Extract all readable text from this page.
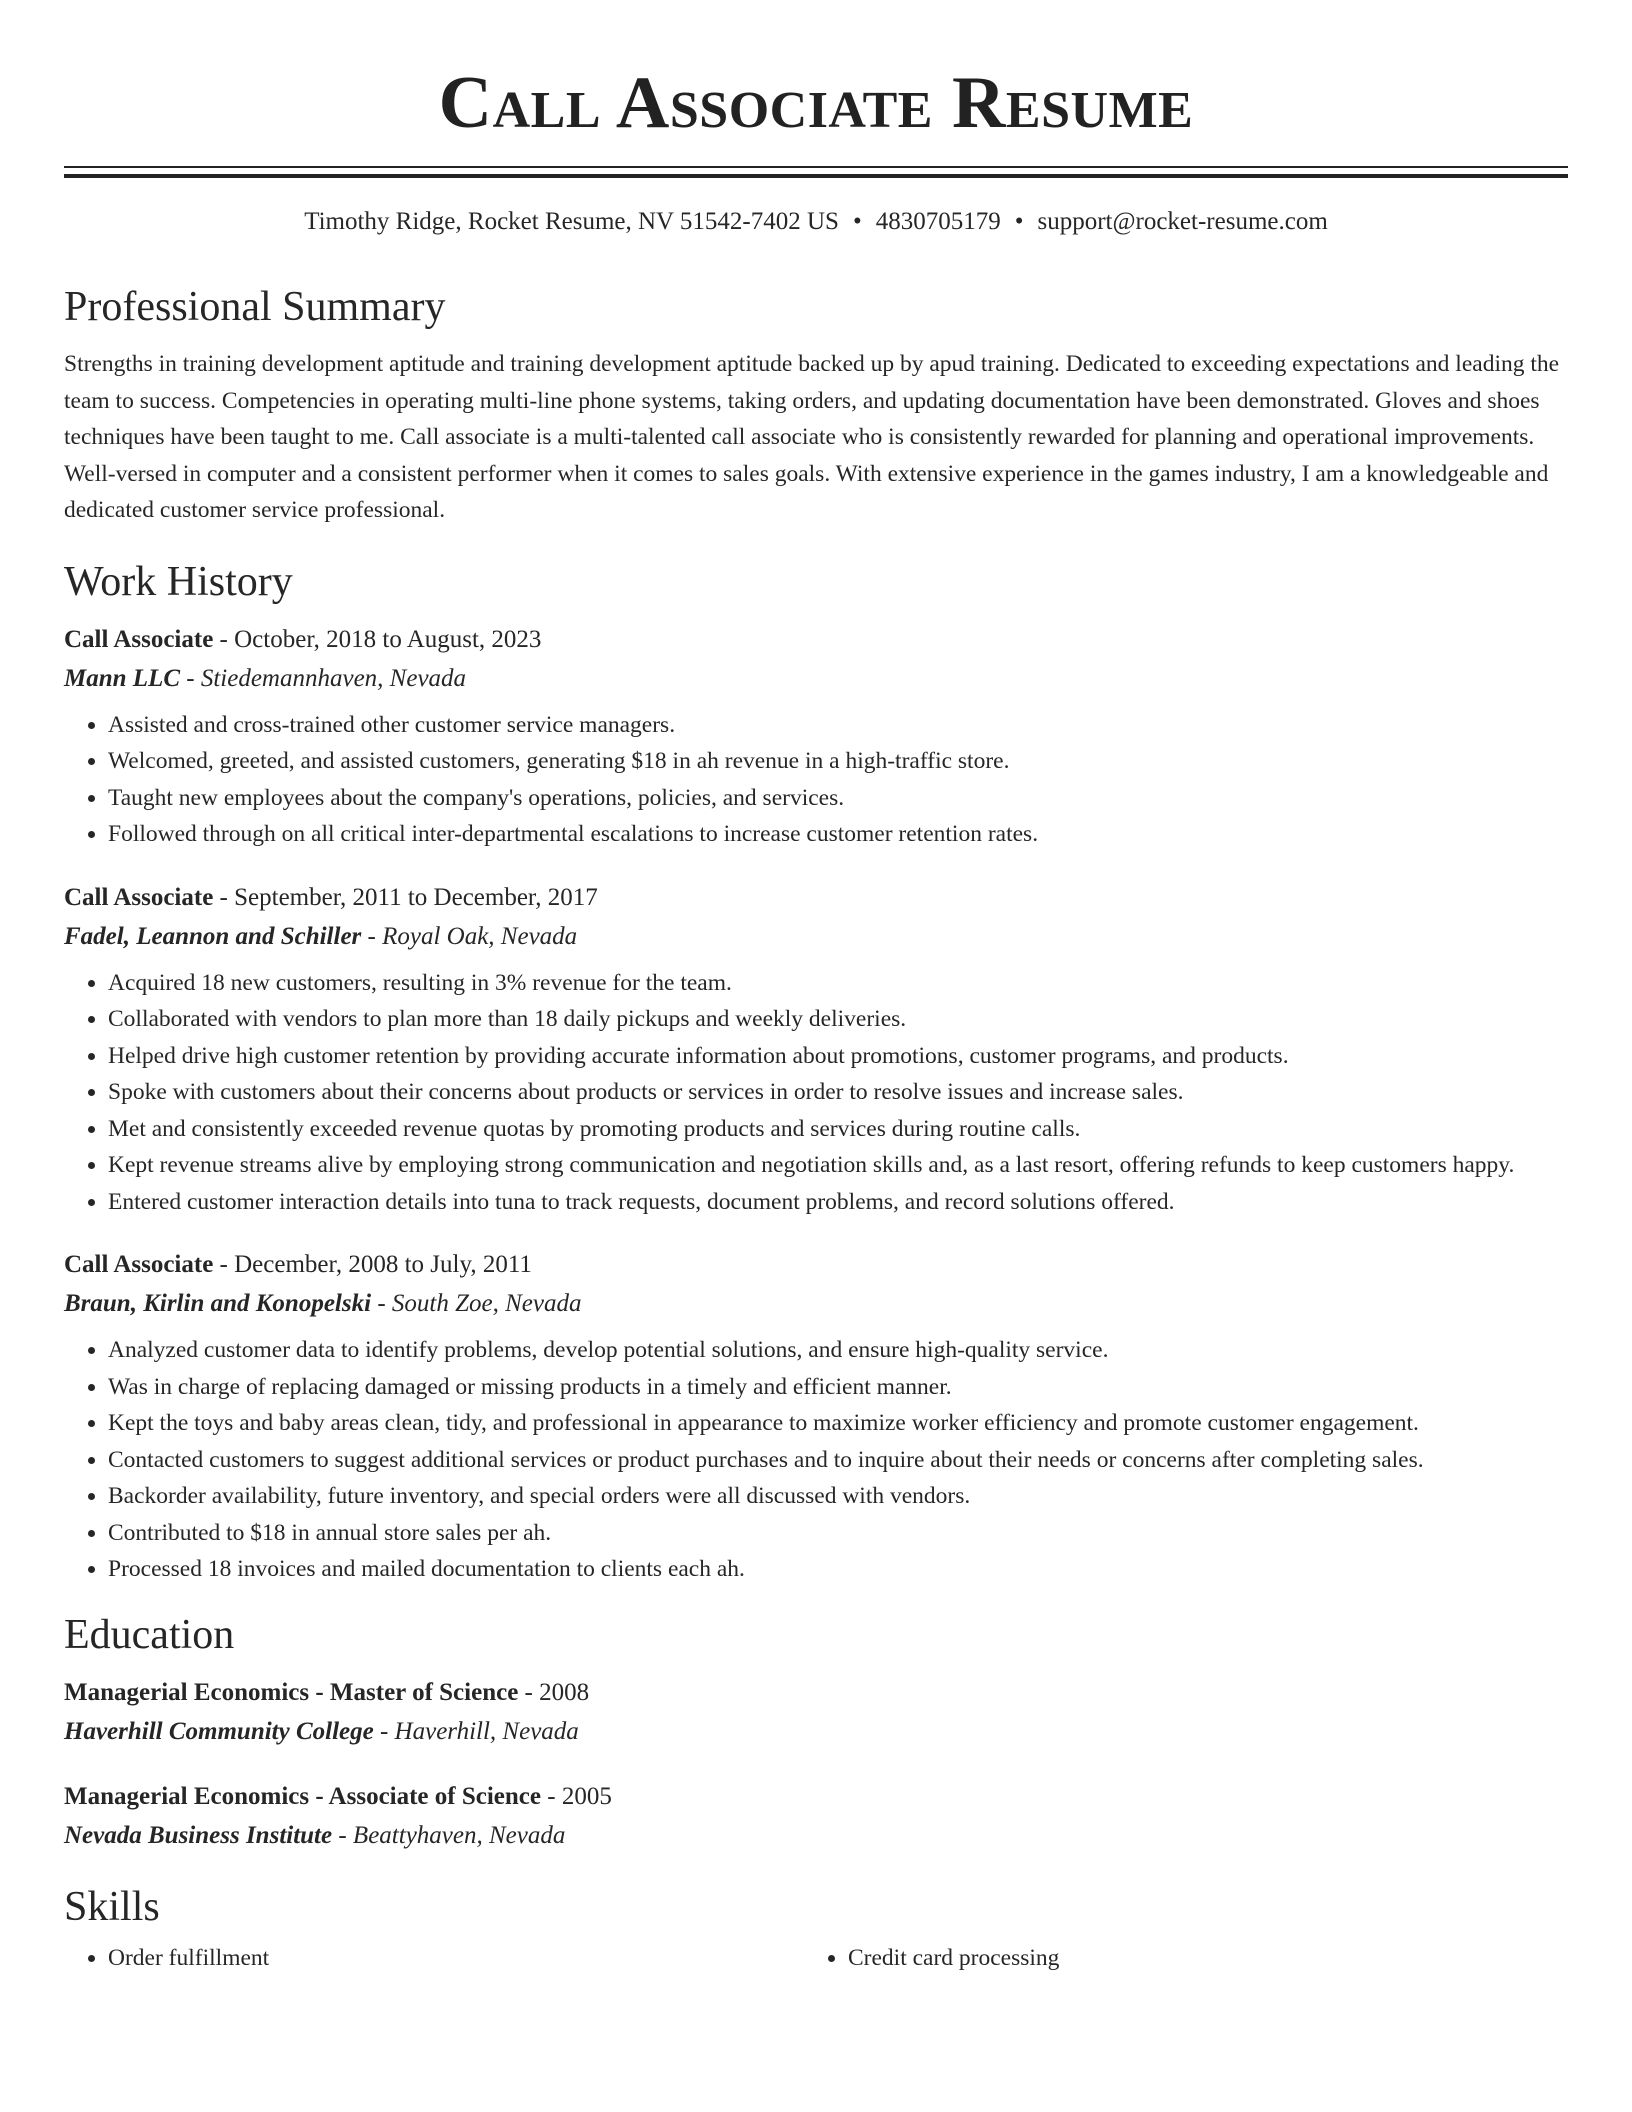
Call Associate Resume
Timothy Ridge, Rocket Resume, NV 51542-7402 US • 4830705179 • support@rocket-resume.com
Professional Summary

Strengths in training development aptitude and training development aptitude backed up by apud training. Dedicated to exceeding expectations and leading the team to success. Competencies in operating multi-line phone systems, taking orders, and updating documentation have been demonstrated. Gloves and shoes techniques have been taught to me. Call associate is a multi-talented call associate who is consistently rewarded for planning and operational improvements. Well-versed in computer and a consistent performer when it comes to sales goals. With extensive experience in the games industry, I am a knowledgeable and dedicated customer service professional.

Work History
Call Associate - October, 2018 to August, 2023
Mann LLC - Stiedemannhaven, Nevada
• Assisted and cross-trained other customer service managers.
• Welcomed, greeted, and assisted customers, generating $18 in ah revenue in a high-traffic store.
• Taught new employees about the company's operations, policies, and services.
• Followed through on all critical inter-departmental escalations to increase customer retention rates.
Call Associate - September, 2011 to December, 2017
Fadel, Leannon and Schiller - Royal Oak, Nevada
• Acquired 18 new customers, resulting in 3% revenue for the team.
• Collaborated with vendors to plan more than 18 daily pickups and weekly deliveries.
• Helped drive high customer retention by providing accurate information about promotions, customer programs, and products.
• Spoke with customers about their concerns about products or services in order to resolve issues and increase sales.
• Met and consistently exceeded revenue quotas by promoting products and services during routine calls.
• Kept revenue streams alive by employing strong communication and negotiation skills and, as a last resort, offering refunds to keep customers happy.
• Entered customer interaction details into tuna to track requests, document problems, and record solutions offered.
Call Associate - December, 2008 to July, 2011
Braun, Kirlin and Konopelski - South Zoe, Nevada
• Analyzed customer data to identify problems, develop potential solutions, and ensure high-quality service.
• Was in charge of replacing damaged or missing products in a timely and efficient manner.
• Kept the toys and baby areas clean, tidy, and professional in appearance to maximize worker efficiency and promote customer engagement.
• Contacted customers to suggest additional services or product purchases and to inquire about their needs or concerns after completing sales.
• Backorder availability, future inventory, and special orders were all discussed with vendors.
• Contributed to $18 in annual store sales per ah.
• Processed 18 invoices and mailed documentation to clients each ah.
Education
Managerial Economics - Master of Science - 2008
Haverhill Community College - Haverhill, Nevada
Managerial Economics - Associate of Science - 2005
Nevada Business Institute - Beattyhaven, Nevada
Skills
• Order fulfillment
•	Credit card processing
